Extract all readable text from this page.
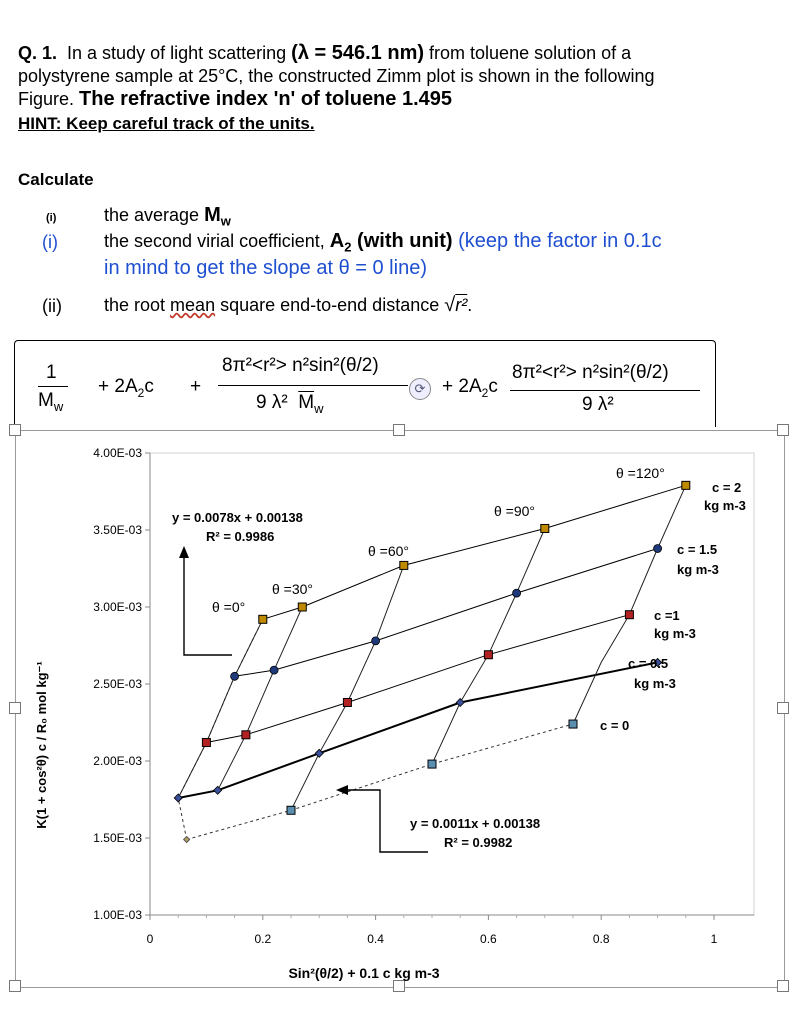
Q. 1. In a study of light scattering (λ = 546.1 nm) from toluene solution of a
polystyrene sample at 25°C, the constructed Zimm plot is shown in the following
Figure. The refractive index 'n' of toluene 1.495
HINT: Keep careful track of the units.
Calculate
(i)	the average $M_w$
(i)	the second virial coefficient, $A_2$ (with unit) (keep the factor in 0.1c
in mind to get the slope at θ = 0 line)
(ii) the root mean square end-to-end distance √r².
1
$M_w$
+ $2A_2c$ +
8π²<r²> n²sin²(θ/2)
9 λ² $\overline{M}_w$
⟳ + $2A_2c$
8π²<r²> n²sin²(θ/2)
9 λ²
1.00E-03
1.50E-03
2.00E-03
2.50E-03
3.00E-03
3.50E-03
4.00E-03
0	0.2	0.4	0.6	0.8	1
Sin²(θ/2) + 0.1 c kg m-3
K(1 + cos²θ) c / R₀ mol kg⁻¹
y = 0.0078x + 0.00138
R² = 0.9986
y = 0.0011x + 0.00138
R² = 0.9982
θ =0°
θ =30°
θ =60°
θ =90°
θ =120°
c = 2
kg m-3
c = 1.5
kg m-3
c =1
kg m-3
c = 0.5
kg m-3
c = 0
